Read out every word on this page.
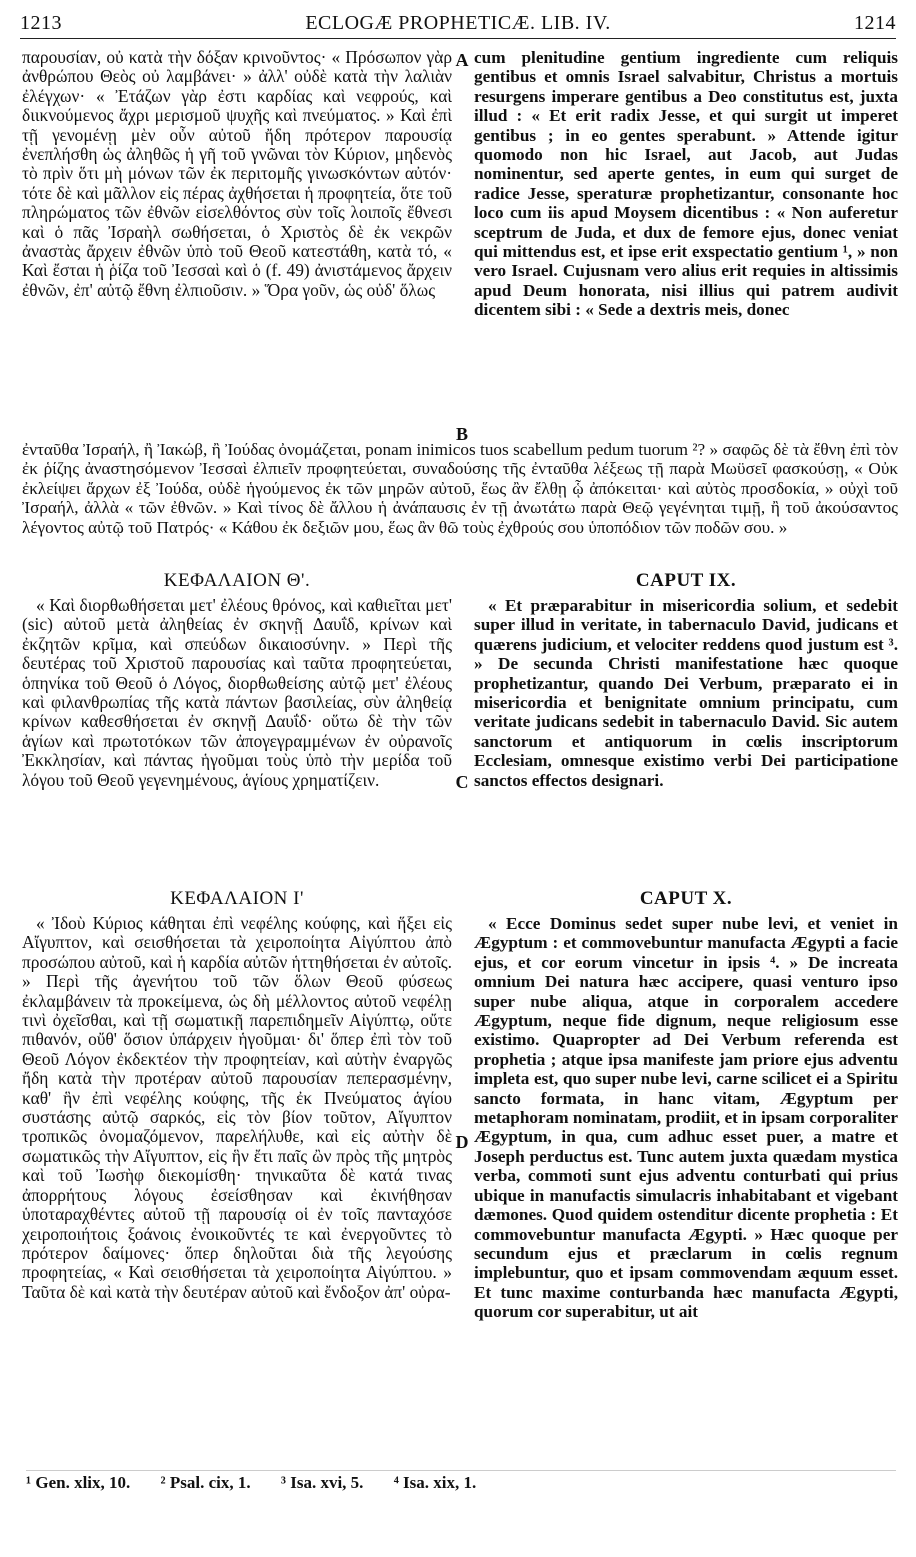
1213	ECLOGÆ PROPHETICÆ. LIB. IV.	1214

παρουσίαν, οὐ κατὰ τὴν δόξαν κρινοῦντος· « Πρόσωπον γὰρ ἀνθρώπου Θεὸς οὐ λαμβάνει· » ἀλλ' οὐδὲ κατὰ τὴν λαλιὰν ἐλέγχων· « Ἐτάζων γὰρ ἐστι καρδίας καὶ νεφρούς, καὶ διικνούμενος ἄχρι μερισμοῦ ψυχῆς καὶ πνεύματος. » Καὶ ἐπὶ τῇ γενομένῃ μὲν οὖν αὐτοῦ ἤδη πρότερον παρουσίᾳ ἐνεπλήσθη ὡς ἀληθῶς ἡ γῆ τοῦ γνῶναι τὸν Κύριον, μηδενὸς τὸ πρὶν ὅτι μὴ μόνων τῶν ἐκ περιτομῆς γινωσκόντων αὐτόν· τότε δὲ καὶ μᾶλλον εἰς πέρας ἀχθήσεται ἡ προφητεία, ὅτε τοῦ πληρώματος τῶν ἐθνῶν εἰσελθόντος σὺν τοῖς λοιποῖς ἔθνεσι καὶ ὁ πᾶς Ἰσραὴλ σωθήσεται, ὁ Χριστὸς δὲ ἐκ νεκρῶν ἀναστὰς ἄρχειν ἐθνῶν ὑπὸ τοῦ Θεοῦ κατεστάθη, κατὰ τό, « Καὶ ἔσται ἡ ῥίζα τοῦ Ἰεσσαὶ καὶ ὁ (f. 49) ἀνιστάμενος ἄρχειν ἐθνῶν, ἐπ' αὐτῷ ἔθνη ἐλπιοῦσιν. » Ὅρα γοῦν, ὡς οὐδ' ὅλως

A cum plenitudine gentium ingrediente cum reliquis gentibus et omnis Israel salvabitur, Christus a mortuis resurgens imperare gentibus a Deo constitutus est, juxta illud : « Et erit radix Jesse, et qui surgit ut imperet gentibus ; in eo gentes sperabunt. » Attende igitur quomodo non hic Israel, aut Jacob, aut Judas nominentur, sed aperte gentes, in eum qui surget de radice Jesse, speraturæ prophetizantur, consonante hoc loco cum iis apud Moysem dicentibus : « Non auferetur sceptrum de Juda, et dux de femore ejus, donec veniat qui mittendus est, et ipse erit exspectatio gentium ¹, » non vero Israel. Cujusnam vero alius erit requies in altissimis apud Deum honorata, nisi illius qui patrem audivit dicentem sibi : « Sede a dextris meis, donec

B

ἐνταῦθα Ἰσραήλ, ἢ Ἰακώβ, ἢ Ἰούδας ὀνομάζεται, ponam inimicos tuos scabellum pedum tuorum ²? » σαφῶς δὲ τὰ ἔθνη ἐπὶ τὸν ἐκ ῥίζης ἀναστησόμενον Ἰεσσαὶ ἐλπιεῖν προφητεύεται, συναδούσης τῆς ἐνταῦθα λέξεως τῇ παρὰ Μωϋσεῖ φασκούσῃ, « Οὐκ ἐκλείψει ἄρχων ἐξ Ἰούδα, οὐδὲ ἡγούμενος ἐκ τῶν μηρῶν αὐτοῦ, ἕως ἂν ἔλθῃ ᾧ ἀπόκειται· καὶ αὐτὸς προσδοκία, » οὐχὶ τοῦ Ἰσραήλ, ἀλλὰ « τῶν ἐθνῶν. » Καὶ τίνος δὲ ἄλλου ἡ ἀνάπαυσις ἐν τῇ ἀνωτάτω παρὰ Θεῷ γεγένηται τιμῇ, ἢ τοῦ ἀκούσαντος λέγοντος αὐτῷ τοῦ Πατρός· « Κάθου ἐκ δεξιῶν μου, ἕως ἂν θῶ τοὺς ἐχθρούς σου ὑποπόδιον τῶν ποδῶν σου. »

ΚΕΦΑΛΑΙΟΝ Θ'.	CAPUT IX.

« Καὶ διορθωθήσεται μετ' ἐλέους θρόνος, καὶ καθιεῖται μετ' (sic) αὐτοῦ μετὰ ἀληθείας ἐν σκηνῇ Δαυΐδ, κρίνων καὶ ἐκζητῶν κρῖμα, καὶ σπεύδων δικαιοσύνην. » Περὶ τῆς δευτέρας τοῦ Χριστοῦ παρουσίας καὶ ταῦτα προφητεύεται, ὁπηνίκα τοῦ Θεοῦ ὁ Λόγος, διορθωθείσης αὐτῷ μετ' ἐλέους καὶ φιλανθρωπίας τῆς κατὰ πάντων βασιλείας, σὺν ἀληθείᾳ κρίνων καθεσθήσεται ἐν σκηνῇ Δαυΐδ· οὕτω δὲ τὴν τῶν ἁγίων καὶ πρωτοτόκων τῶν ἀπογεγραμμένων ἐν οὐρανοῖς Ἐκκλησίαν, καὶ πάντας ἡγοῦμαι τοὺς ὑπὸ τὴν μερίδα τοῦ λόγου τοῦ Θεοῦ γεγενημένους, ἁγίους χρηματίζειν.	C

« Et præparabitur in misericordia solium, et sedebit super illud in veritate, in tabernaculo David, judicans et quærens judicium, et velociter reddens quod justum est ³. » De secunda Christi manifestatione hæc quoque prophetizantur, quando Dei Verbum, præparato ei in misericordia et benignitate omnium principatu, cum veritate judicans sedebit in tabernaculo David. Sic autem sanctorum et antiquorum in cœlis inscriptorum Ecclesiam, omnesque existimo verbi Dei participatione sanctos effectos designari.

ΚΕΦΑΛΑΙΟΝ Ι'	CAPUT X.

« Ἰδοὺ Κύριος κάθηται ἐπὶ νεφέλης κούφης, καὶ ἥξει εἰς Αἴγυπτον, καὶ σεισθήσεται τὰ χειροποίητα Αἰγύπτου ἀπὸ προσώπου αὐτοῦ, καὶ ἡ καρδία αὐτῶν ἡττηθήσεται ἐν αὐτοῖς. » Περὶ τῆς ἀγενήτου τοῦ τῶν ὅλων Θεοῦ φύσεως ἐκλαμβάνειν τὰ προκείμενα, ὡς δὴ μέλλοντος αὐτοῦ νεφέλῃ τινὶ ὀχεῖσθαι, καὶ τῇ σωματικῇ παρεπιδημεῖν Αἰγύπτῳ, οὔτε πιθανόν, οὔθ' ὅσιον ὑπάρχειν ἡγοῦμαι· δι' ὅπερ ἐπὶ τὸν τοῦ Θεοῦ Λόγον ἐκδεκτέον τὴν προφητείαν, καὶ αὐτὴν ἐναργῶς ἤδη κατὰ τὴν προτέραν αὐτοῦ παρουσίαν πεπερασμένην, καθ' ἣν ἐπὶ νεφέλης κούφης, τῆς ἐκ Πνεύματος ἁγίου συστάσης αὐτῷ σαρκός, εἰς τὸν βίον τοῦτον, Αἴγυπτον τροπικῶς ὀνομαζόμενον, παρελήλυθε, καὶ εἰς αὐτὴν δὲ σωματικῶς τὴν Αἴγυπτον, εἰς ἣν ἔτι παῖς ὢν πρὸς τῆς μητρὸς καὶ τοῦ Ἰωσὴφ διεκομίσθη· τηνικαῦτα δὲ κατά τινας ἀπορρήτους λόγους ἐσείσθησαν καὶ ἐκινήθησαν ὑποταραχθέντες αὐτοῦ τῇ παρουσίᾳ οἱ ἐν τοῖς πανταχόσε χειροποιήτοις ξοάνοις ἐνοικοῦντές τε καὶ ἐνεργοῦντες τὸ πρότερον δαίμονες· ὅπερ δηλοῦται διὰ τῆς λεγούσης προφητείας, « Καὶ σεισθήσεται τὰ χειροποίητα Αἰγύπτου. » Ταῦτα δὲ καὶ κατὰ τὴν δευτέραν αὐτοῦ καὶ ἔνδοξον ἀπ' οὐρα-

D

« Ecce Dominus sedet super nube levi, et veniet in Ægyptum : et commovebuntur manufacta Ægypti a facie ejus, et cor eorum vincetur in ipsis ⁴. » De increata omnium Dei natura hæc accipere, quasi venturo ipso super nube aliqua, atque in corporalem accedere Ægyptum, neque fide dignum, neque religiosum esse existimo. Quapropter ad Dei Verbum referenda est prophetia ; atque ipsa manifeste jam priore ejus adventu impleta est, quo super nube levi, carne scilicet ei a Spiritu sancto formata, in hanc vitam, Ægyptum per metaphoram nominatam, prodiit, et in ipsam corporaliter Ægyptum, in qua, cum adhuc esset puer, a matre et Joseph perductus est. Tunc autem juxta quædam mystica verba, commoti sunt ejus adventu conturbati qui prius ubique in manufactis simulacris inhabitabant et vigebant dæmones. Quod quidem ostenditur dicente prophetia : Et commovebuntur manufacta Ægypti. » Hæc quoque per secundum ejus et præclarum in cœlis regnum implebuntur, quo et ipsam commovendam æquum esset. Et tunc maxime conturbanda hæc manufacta Ægypti, quorum cor superabitur, ut ait

¹ Gen. xlix, 10. ² Psal. cix, 1. ³ Isa. xvi, 5. ⁴ Isa. xix, 1.
